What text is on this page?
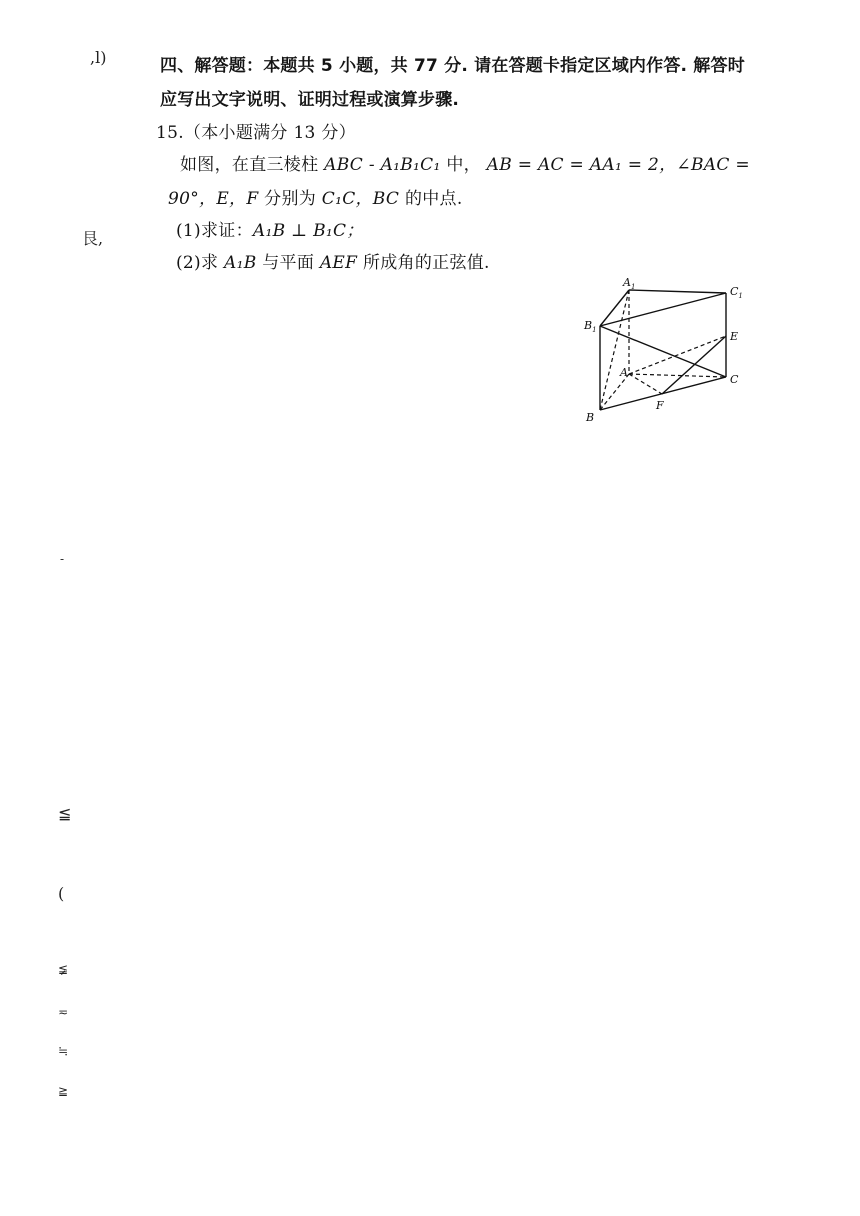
,l)
艮,
-
≦
(
≨
≂
≒
≧
四、解答题：本题共 5 小题，共 77 分. 请在答题卡指定区域内作答. 解答时
应写出文字说明、证明过程或演算步骤.
15.（本小题满分 13 分）
如图，在直三棱柱 ABC - A₁B₁C₁ 中， AB = AC = AA₁ = 2，∠BAC =
90°，E，F 分别为 C₁C，BC 的中点.
(1)求证：A₁B ⊥ B₁C；
(2)求 A₁B 与平面 AEF 所成角的正弦值.
$A_1$
$B_1$
$C_1$
A
B
C
E
F
